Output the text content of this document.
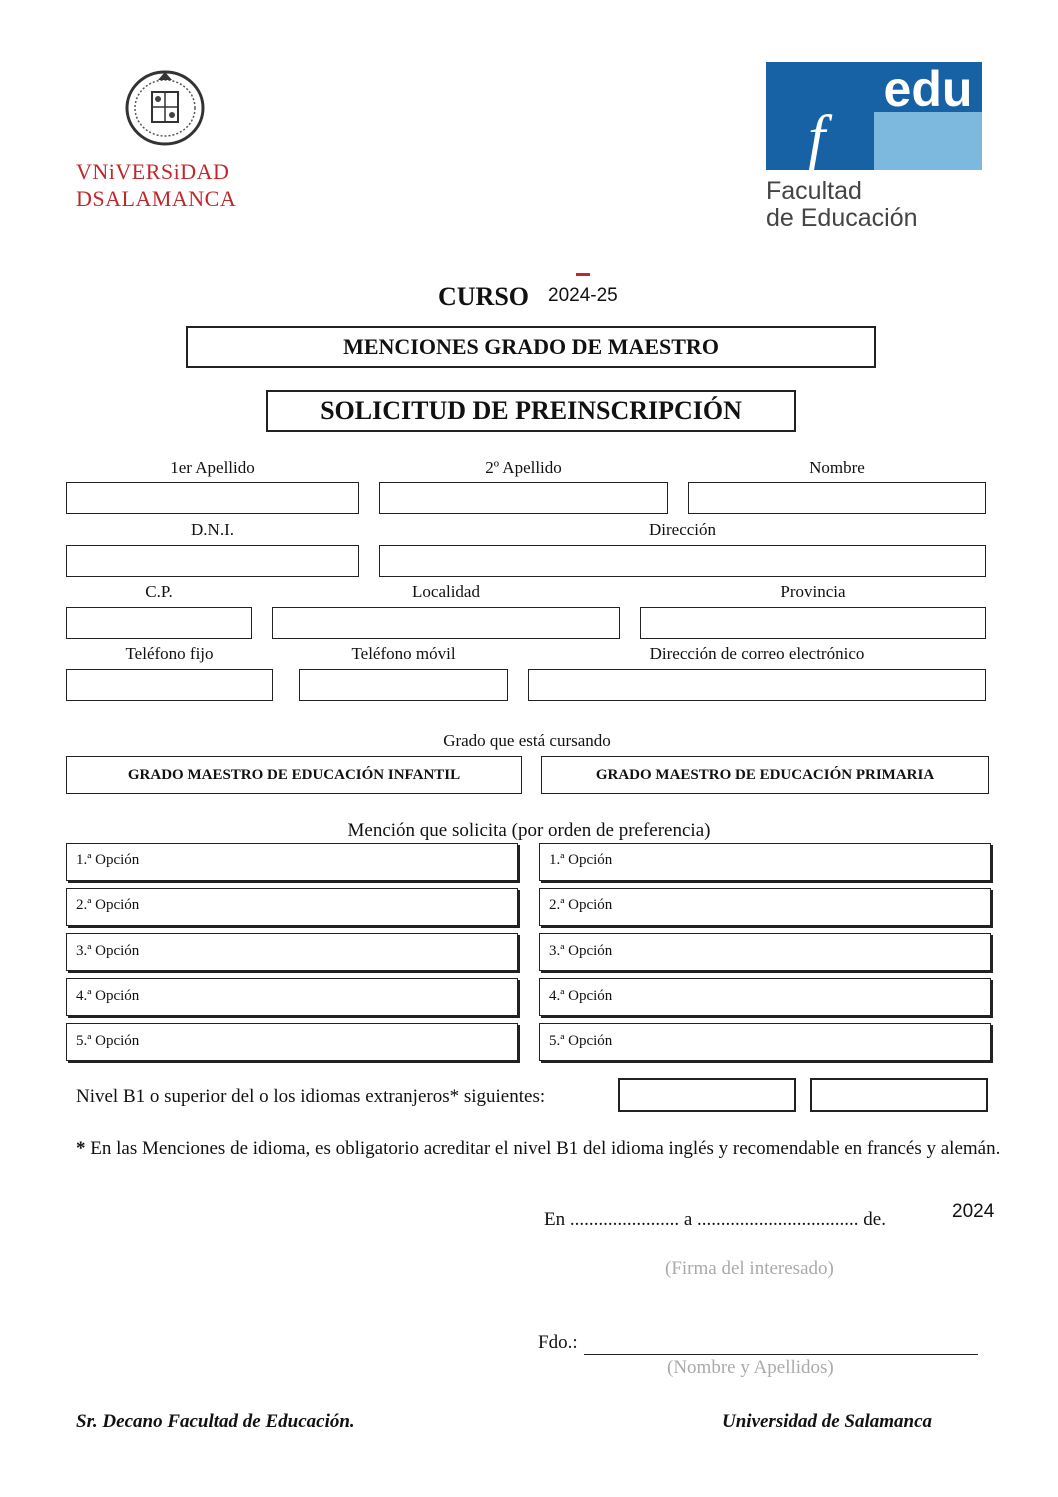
VNiVERSiDAD
DSALAMANCA
edu
f
Facultad
de Educación
CURSO 2024-25
MENCIONES GRADO DE MAESTRO
SOLICITUD DE PREINSCRIPCIÓN
1er Apellido	2º Apellido	Nombre
D.N.I.	Dirección
C.P.	Localidad	Provincia
Teléfono fijo	Teléfono móvil	Dirección de correo electrónico
Grado que está cursando
GRADO MAESTRO DE EDUCACIÓN INFANTIL	GRADO MAESTRO DE EDUCACIÓN PRIMARIA
Mención que solicita (por orden de preferencia)
1.ª Opción	1.ª Opción
2.ª Opción	2.ª Opción
3.ª Opción	3.ª Opción
4.ª Opción	4.ª Opción
5.ª Opción	5.ª Opción
Nivel B1 o superior del o los idiomas extranjeros* siguientes:
* En las Menciones de idioma, es obligatorio acreditar el nivel B1 del idioma inglés y recomendable en francés y alemán.
En ....................... a .................................. de.	2024
(Firma del interesado)
Fdo.:
(Nombre y Apellidos)
Sr. Decano Facultad de Educación.	Universidad de Salamanca
